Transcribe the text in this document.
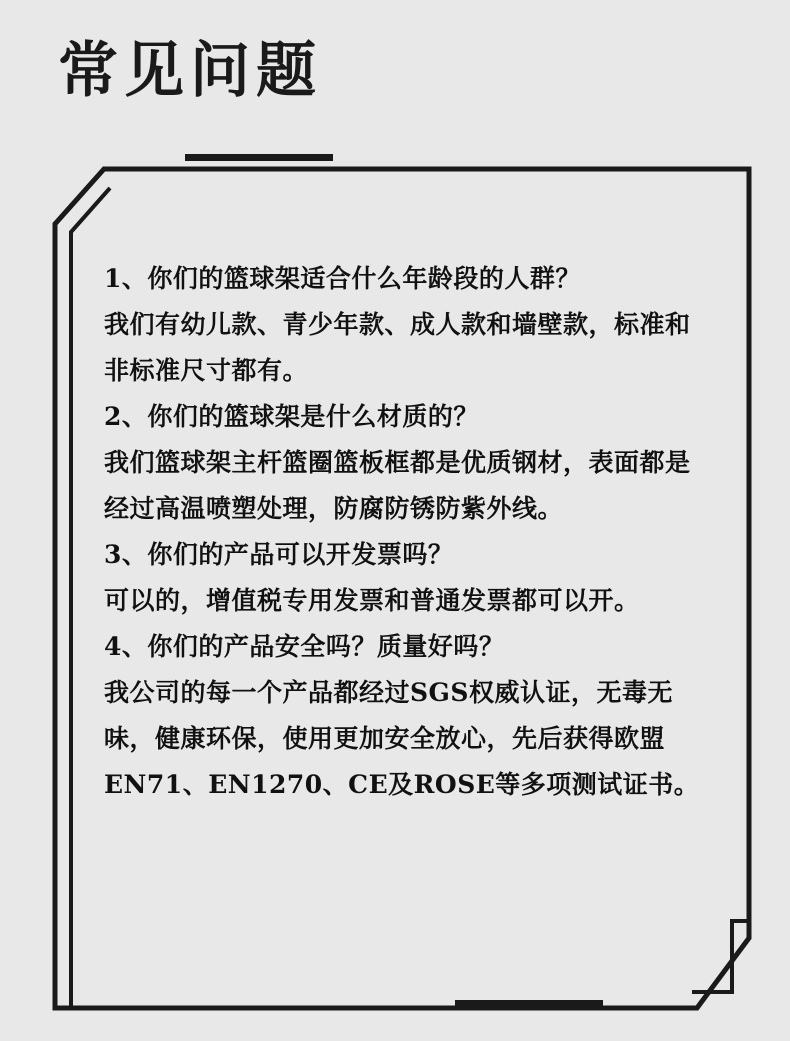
常见问题

1、你们的篮球架适合什么年龄段的人群？

我们有幼儿款、青少年款、成人款和墙壁款，标准和非标准尺寸都有。

2、你们的篮球架是什么材质的？

我们篮球架主杆篮圈篮板框都是优质钢材，表面都是经过高温喷塑处理，防腐防锈防紫外线。

3、你们的产品可以开发票吗？

可以的，增值税专用发票和普通发票都可以开。

4、你们的产品安全吗？质量好吗？

我公司的每一个产品都经过SGS权威认证，无毒无味，健康环保，使用更加安全放心，先后获得欧盟EN71、EN1270、CE及ROSE等多项测试证书。
